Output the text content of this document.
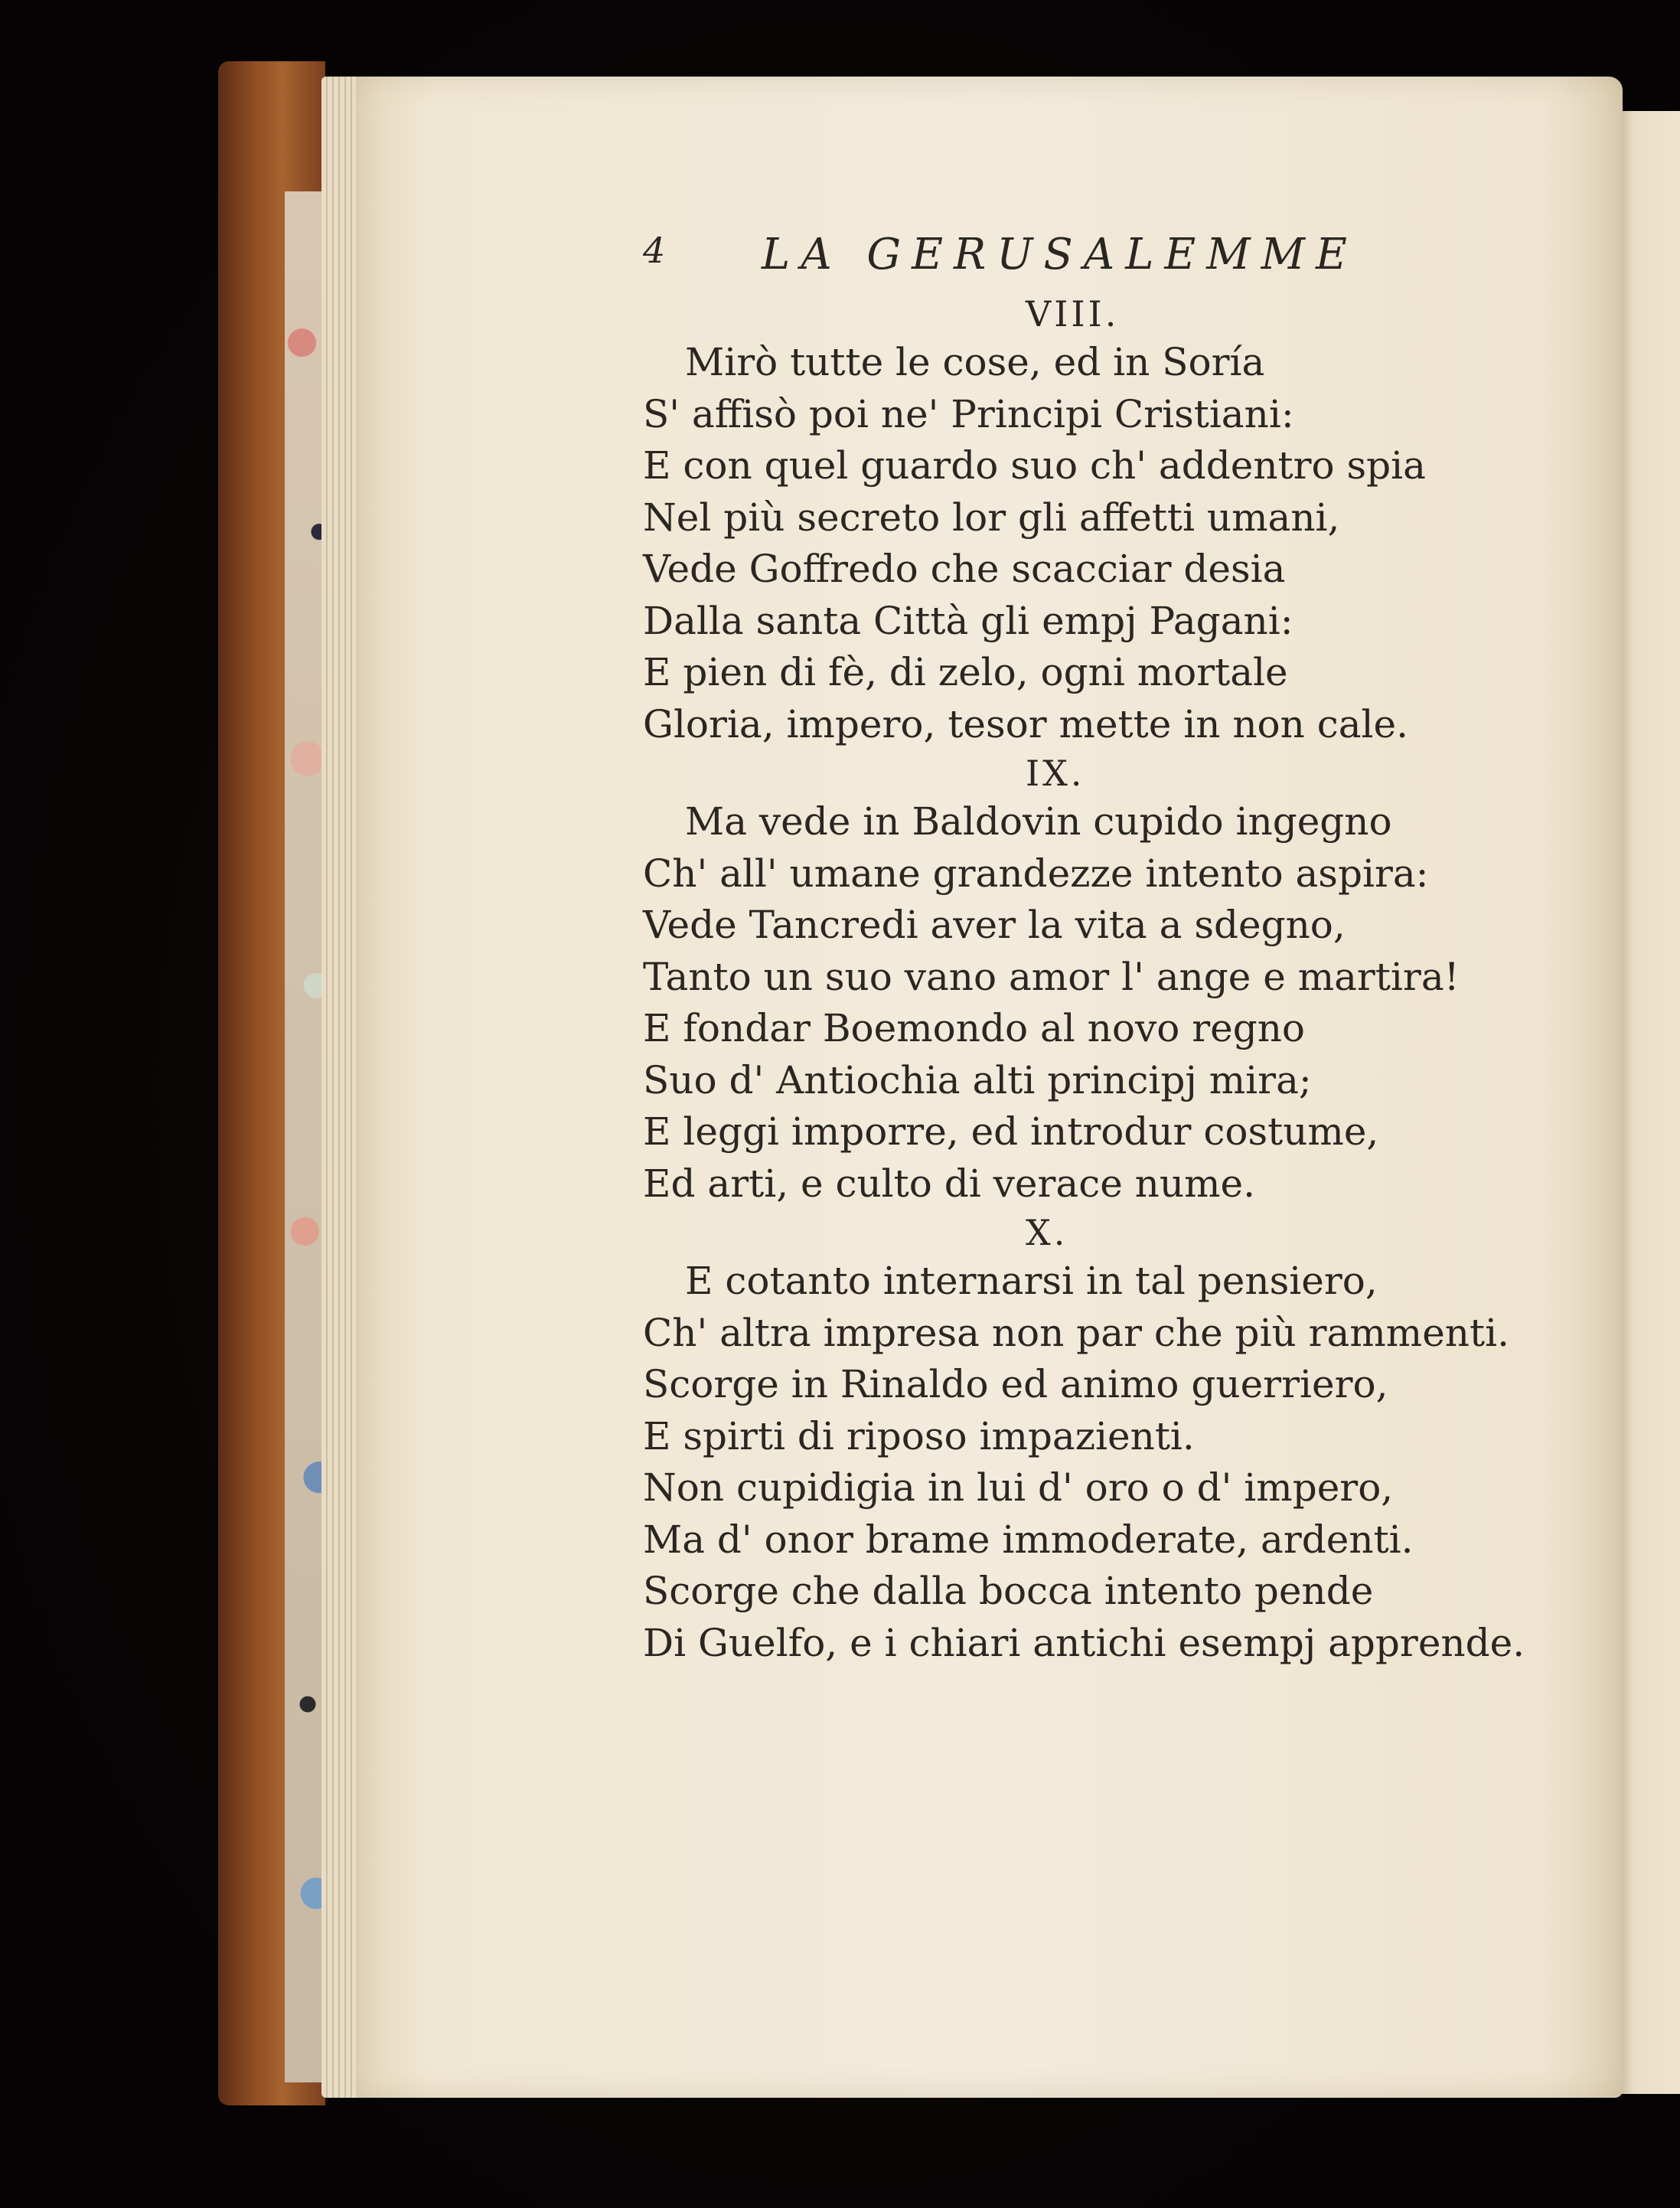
4 LA GERUSALEMME
VIII.
Mirò tutte le cose, ed in Soría
S' affisò poi ne' Principi Cristiani:
E con quel guardo suo ch' addentro spia
Nel più secreto lor gli affetti umani,
Vede Goffredo che scacciar desia
Dalla santa Città gli empj Pagani:
E pien di fè, di zelo, ogni mortale
Gloria, impero, tesor mette in non cale.
IX.
Ma vede in Baldovin cupido ingegno
Ch' all' umane grandezze intento aspira:
Vede Tancredi aver la vita a sdegno,
Tanto un suo vano amor l' ange e martira!
E fondar Boemondo al novo regno
Suo d' Antiochia alti principj mira;
E leggi imporre, ed introdur costume,
Ed arti, e culto di verace nume.
X.
E cotanto internarsi in tal pensiero,
Ch' altra impresa non par che più rammenti.
Scorge in Rinaldo ed animo guerriero,
E spirti di riposo impazienti.
Non cupidigia in lui d' oro o d' impero,
Ma d' onor brame immoderate, ardenti.
Scorge che dalla bocca intento pende
Di Guelfo, e i chiari antichi esempj apprende.
